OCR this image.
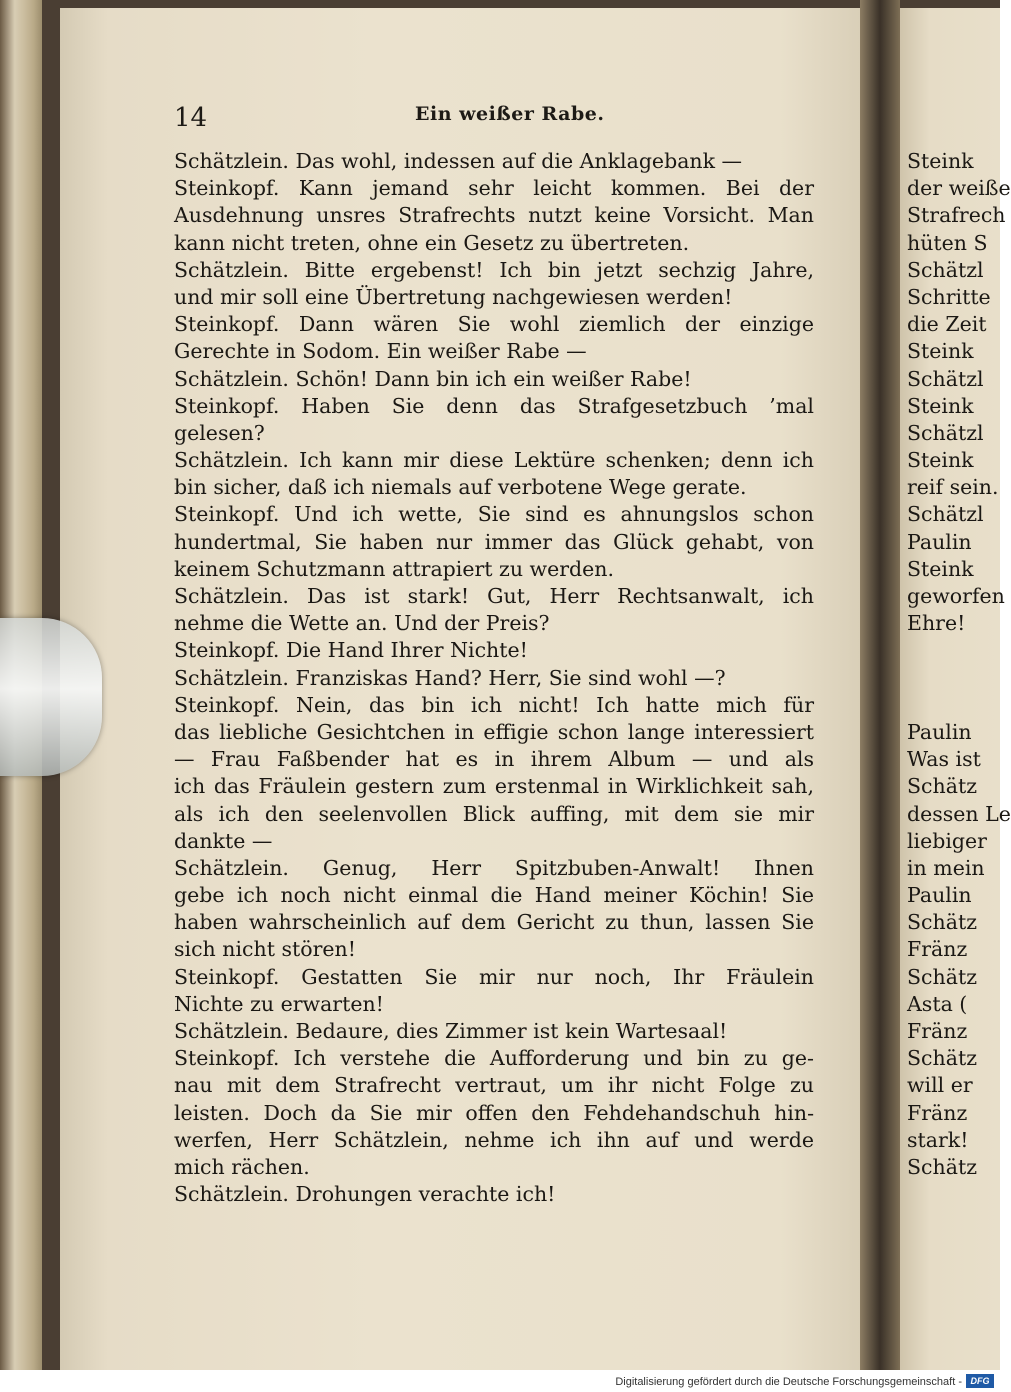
14	Ein weißer Rabe.
Schätzlein. Das wohl, indessen auf die Anklagebank —
Steinkopf. Kann jemand sehr leicht kommen. Bei der
Ausdehnung unsres Strafrechts nutzt keine Vorsicht. Man
kann nicht treten, ohne ein Gesetz zu übertreten.
Schätzlein. Bitte ergebenst! Ich bin jetzt sechzig Jahre,
und mir soll eine Übertretung nachgewiesen werden!
Steinkopf. Dann wären Sie wohl ziemlich der einzige
Gerechte in Sodom. Ein weißer Rabe —
Schätzlein. Schön! Dann bin ich ein weißer Rabe!
Steinkopf. Haben Sie denn das Strafgesetzbuch ’mal
gelesen?
Schätzlein. Ich kann mir diese Lektüre schenken; denn ich
bin sicher, daß ich niemals auf verbotene Wege gerate.
Steinkopf. Und ich wette, Sie sind es ahnungslos schon
hundertmal, Sie haben nur immer das Glück gehabt, von
keinem Schutzmann attrapiert zu werden.
Schätzlein. Das ist stark! Gut, Herr Rechtsanwalt, ich
nehme die Wette an. Und der Preis?
Steinkopf. Die Hand Ihrer Nichte!
Schätzlein. Franziskas Hand? Herr, Sie sind wohl —?
Steinkopf. Nein, das bin ich nicht! Ich hatte mich für
das liebliche Gesichtchen in effigie schon lange interessiert
— Frau Faßbender hat es in ihrem Album — und als
ich das Fräulein gestern zum erstenmal in Wirklichkeit sah,
als ich den seelenvollen Blick auffing, mit dem sie mir
dankte —
Schätzlein. Genug, Herr Spitzbuben-Anwalt! Ihnen
gebe ich noch nicht einmal die Hand meiner Köchin! Sie
haben wahrscheinlich auf dem Gericht zu thun, lassen Sie
sich nicht stören!
Steinkopf. Gestatten Sie mir nur noch, Ihr Fräulein
Nichte zu erwarten!
Schätzlein. Bedaure, dies Zimmer ist kein Wartesaal!
Steinkopf. Ich verstehe die Aufforderung und bin zu ge-
nau mit dem Strafrecht vertraut, um ihr nicht Folge zu
leisten. Doch da Sie mir offen den Fehdehandschuh hin-
werfen, Herr Schätzlein, nehme ich ihn auf und werde
mich rächen.
Schätzlein. Drohungen verachte ich!
Steink
der weiße
Strafrech
hüten S
Schätzl
Schritte
die Zeit
Steink
Schätzl
Steink
Schätzl
Steink
reif sein.
Schätzl
Paulin
Steink
geworfen
Ehre!
Paulin
Was ist
Schätz
dessen Le
liebiger
in mein
Paulin
Schätz
Fränz
Schätz
Asta (
Fränz
Schätz
will er
Fränz
stark!
Schätz
Digitalisierung gefördert durch die Deutsche Forschungsgemeinschaft - DFG
